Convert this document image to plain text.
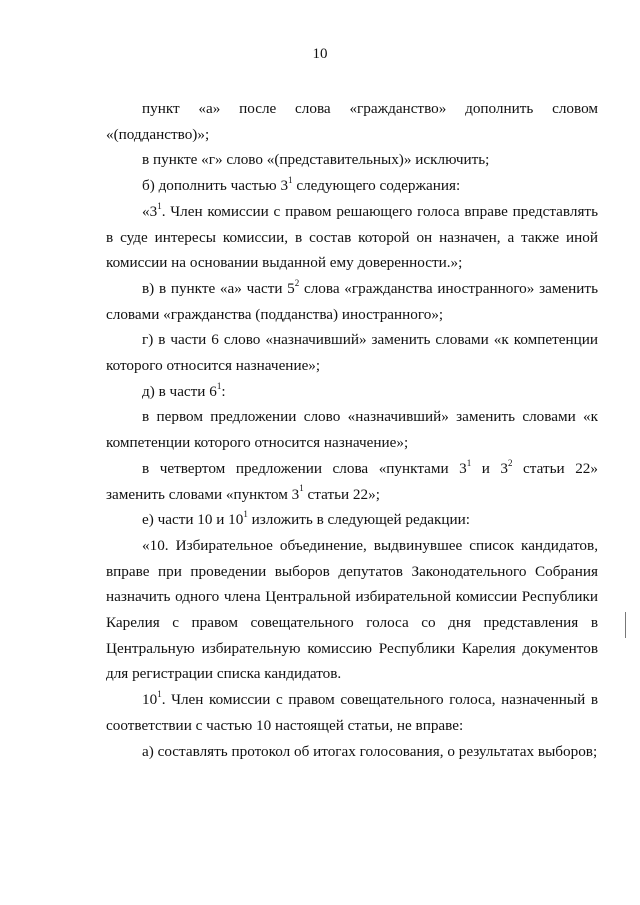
10

пункт «а» после слова «гражданство» дополнить словом «(подданство)»;

в пункте «г» слово «(представительных)» исключить;

б) дополнить частью $3^1$ следующего содержания:

«$3^1$. Член комиссии с правом решающего голоса вправе представлять в суде интересы комиссии, в состав которой он назначен, а также иной комиссии на основании выданной ему доверенности.»;

в) в пункте «а» части $5^2$ слова «гражданства иностранного» заменить словами «гражданства (подданства) иностранного»;

г) в части 6 слово «назначивший» заменить словами «к компетенции которого относится назначение»;

д) в части $6^1$:

в первом предложении слово «назначивший» заменить словами «к компетенции которого относится назначение»;

в четвертом предложении слова «пунктами $3^1$ и $3^2$ статьи 22» заменить словами «пунктом $3^1$ статьи 22»;

е) части 10 и $10^1$ изложить в следующей редакции:

«10. Избирательное объединение, выдвинувшее список кандидатов, вправе при проведении выборов депутатов Законодательного Собрания назначить одного члена Центральной избирательной комиссии Республики Карелия с правом совещательного голоса со дня представления в Центральную избирательную комиссию Республики Карелия документов для регистрации списка кандидатов.

$10^1$. Член комиссии с правом совещательного голоса, назначенный в соответствии с частью 10 настоящей статьи, не вправе:

а) составлять протокол об итогах голосования, о результатах выборов;
